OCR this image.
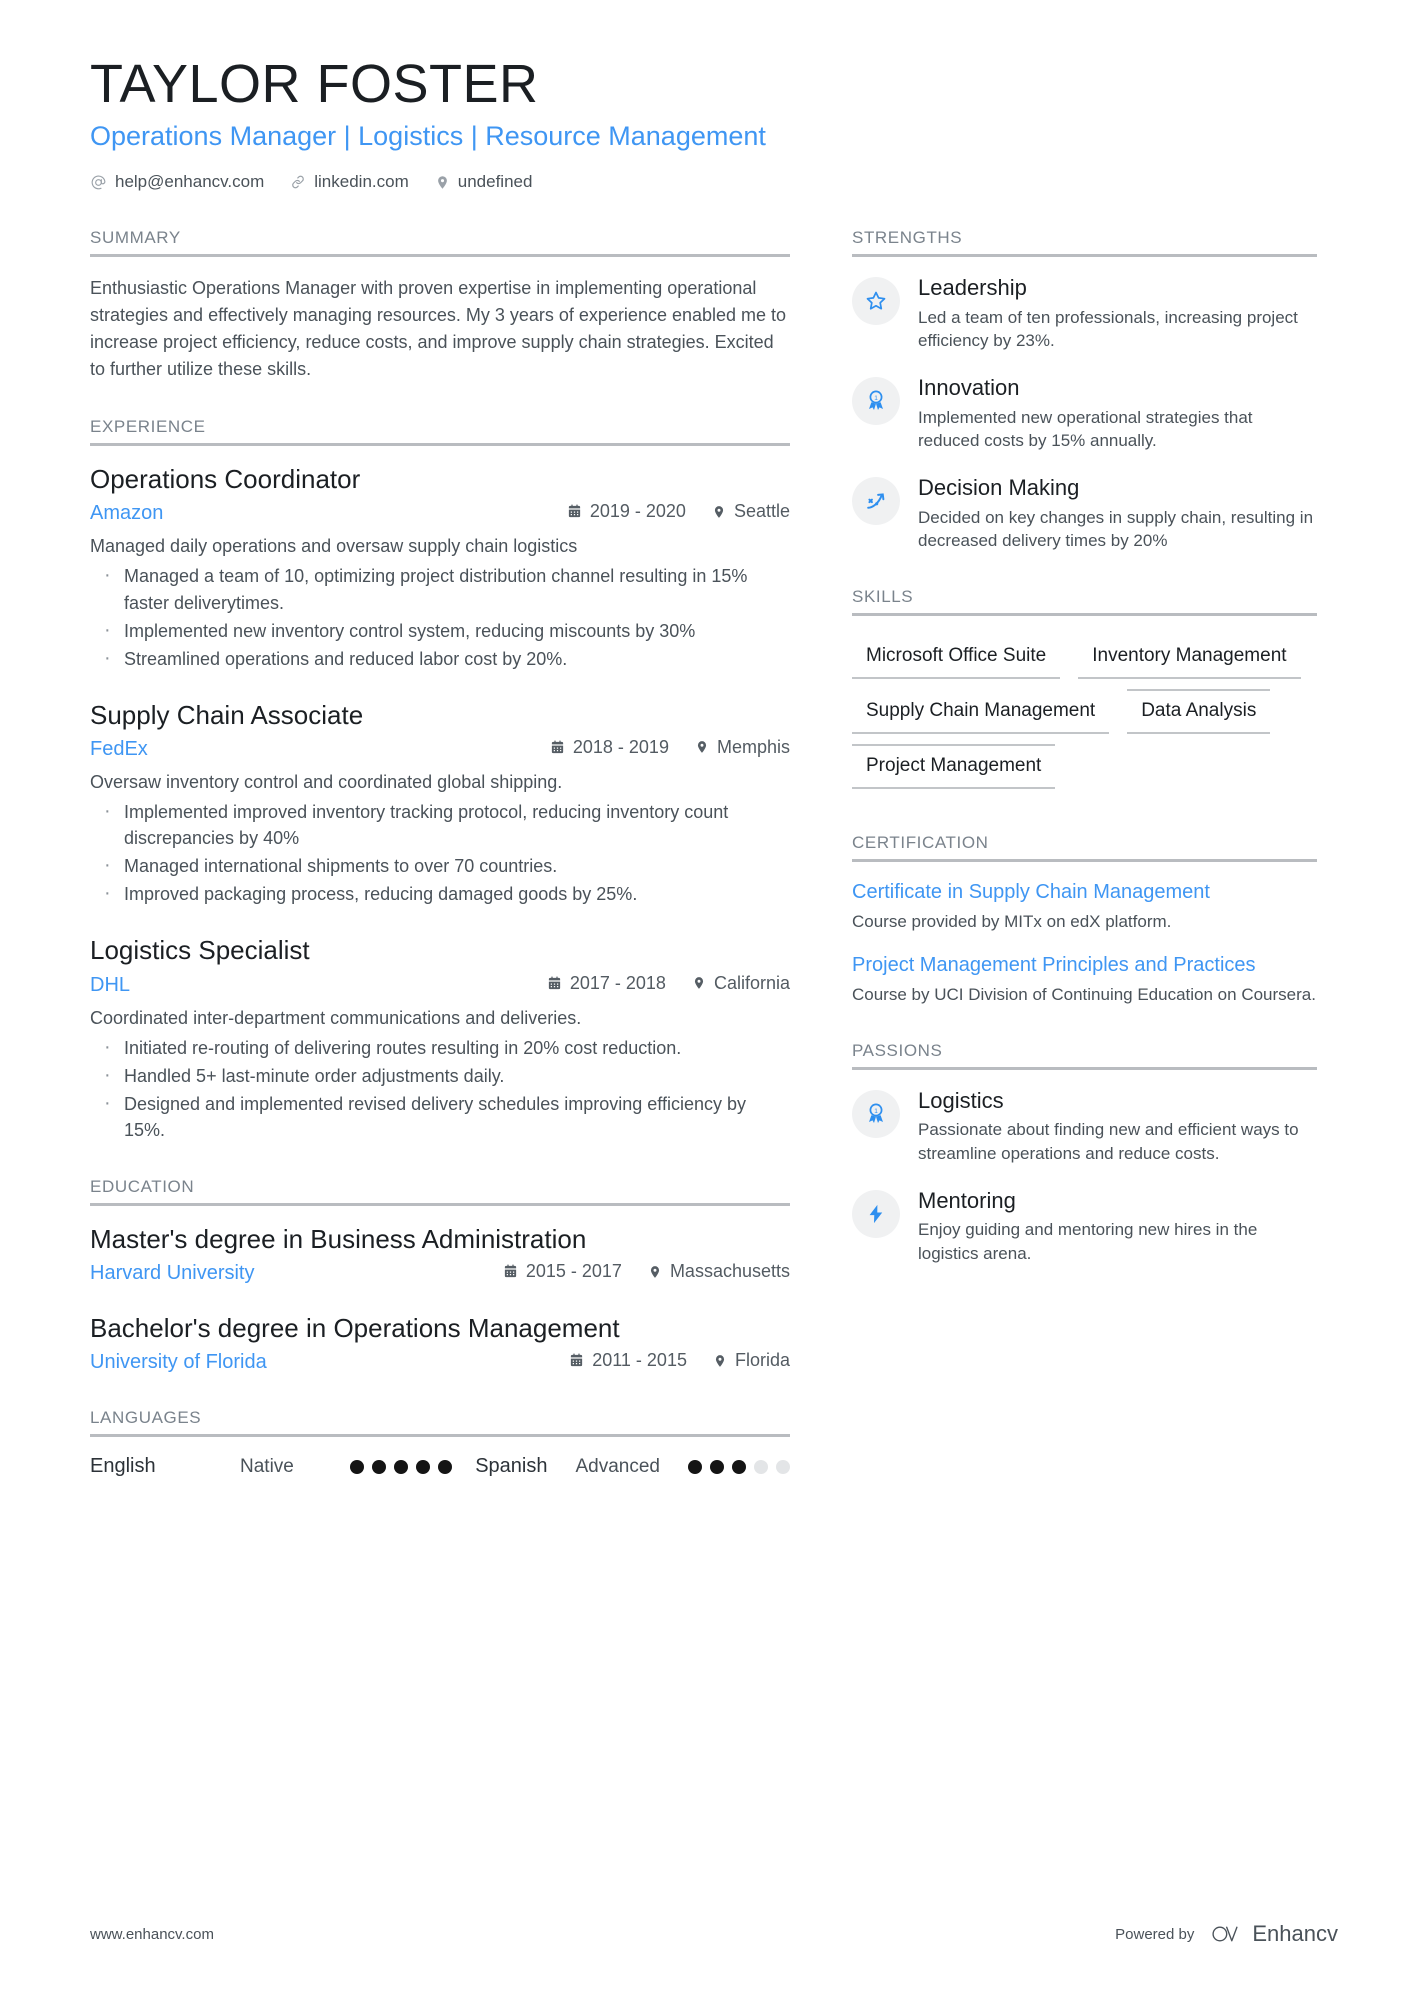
TAYLOR FOSTER
Operations Manager | Logistics | Resource Management
help@enhancv.com	linkedin.com	undefined
SUMMARY

Enthusiastic Operations Manager with proven expertise in implementing operational strategies and effectively managing resources. My 3 years of experience enabled me to increase project efficiency, reduce costs, and improve supply chain strategies. Excited to further utilize these skills.

EXPERIENCE
Operations Coordinator
Amazon	2019 - 2020	Seattle

Managed daily operations and oversaw supply chain logistics

· Managed a team of 10, optimizing project distribution channel resulting in 15% faster deliverytimes.
· Implemented new inventory control system, reducing miscounts by 30%
· Streamlined operations and reduced labor cost by 20%.
Supply Chain Associate
FedEx	2018 - 2019	Memphis

Oversaw inventory control and coordinated global shipping.

· Implemented improved inventory tracking protocol, reducing inventory count discrepancies by 40%
· Managed international shipments to over 70 countries.
· Improved packaging process, reducing damaged goods by 25%.
Logistics Specialist
DHL	2017 - 2018	California

Coordinated inter-department communications and deliveries.

· Initiated re-routing of delivering routes resulting in 20% cost reduction.
· Handled 5+ last-minute order adjustments daily.
· Designed and implemented revised delivery schedules improving efficiency by 15%.
EDUCATION
Master's degree in Business Administration
Harvard University	2015 - 2017	Massachusetts
Bachelor's degree in Operations Management
University of Florida	2011 - 2015	Florida
LANGUAGES
English	Native	Spanish Advanced
STRENGTHS
Leadership

Led a team of ten professionals, increasing project efficiency by 23%.

1 Innovation

Implemented new operational strategies that reduced costs by 15% annually.

Decision Making

Decided on key changes in supply chain, resulting in decreased delivery times by 20%

SKILLS
Microsoft Office Suite	Inventory Management
Supply Chain Management	Data Analysis
Project Management
CERTIFICATION
Certificate in Supply Chain Management

Course provided by MITx on edX platform.

Project Management Principles and Practices

Course by UCI Division of Continuing Education on Coursera.

PASSIONS
1 Logistics

Passionate about finding new and efficient ways to streamline operations and reduce costs.

Mentoring

Enjoy guiding and mentoring new hires in the logistics arena.

www.enhancv.com	Powered by	Enhancv
